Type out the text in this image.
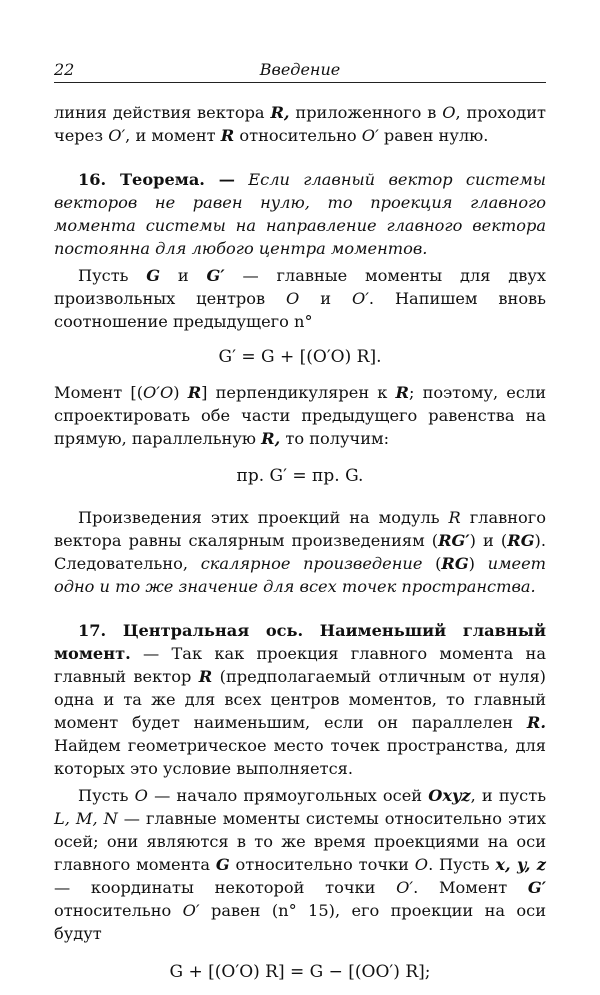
22	Введение

линия действия вектора R, приложенного в O, проходит через O′, и момент R относительно O′ равен нулю.

16. Теорема. — Если главный вектор системы векторов не равен нулю, то проекция главного момента системы на направление главного вектора постоянна для любого центра моментов.

Пусть G и G′ — главные моменты для двух произвольных центров O и O′. Напишем вновь соотношение предыдущего n°

G′ = G + [(O′O) R].

Момент [(O′O) R] перпендикулярен к R; поэтому, если спроектировать обе части предыдущего равенства на прямую, параллельную R, то получим:

пр. G′ = пр. G.

Произведения этих проекций на модуль R главного вектора равны скалярным произведениям (RG′) и (RG). Следовательно, скалярное произведение (RG) имеет одно и то же значение для всех точек пространства.

17. Центральная ось. Наименьший главный момент. — Так как проекция главного момента на главный вектор R (предполагаемый отличным от нуля) одна и та же для всех центров моментов, то главный момент будет наименьшим, если он параллелен R. Найдем геометрическое место точек пространства, для которых это условие выполняется.

Пусть O — начало прямоугольных осей Oxyz, и пусть L, M, N — главные моменты системы относительно этих осей; они являются в то же время проекциями на оси главного момента G относительно точки O. Пусть x, y, z — координаты некоторой точки O′. Момент G′ относительно O′ равен (n° 15), его проекции на оси будут

G + [(O′O) R] = G − [(OO′) R];
